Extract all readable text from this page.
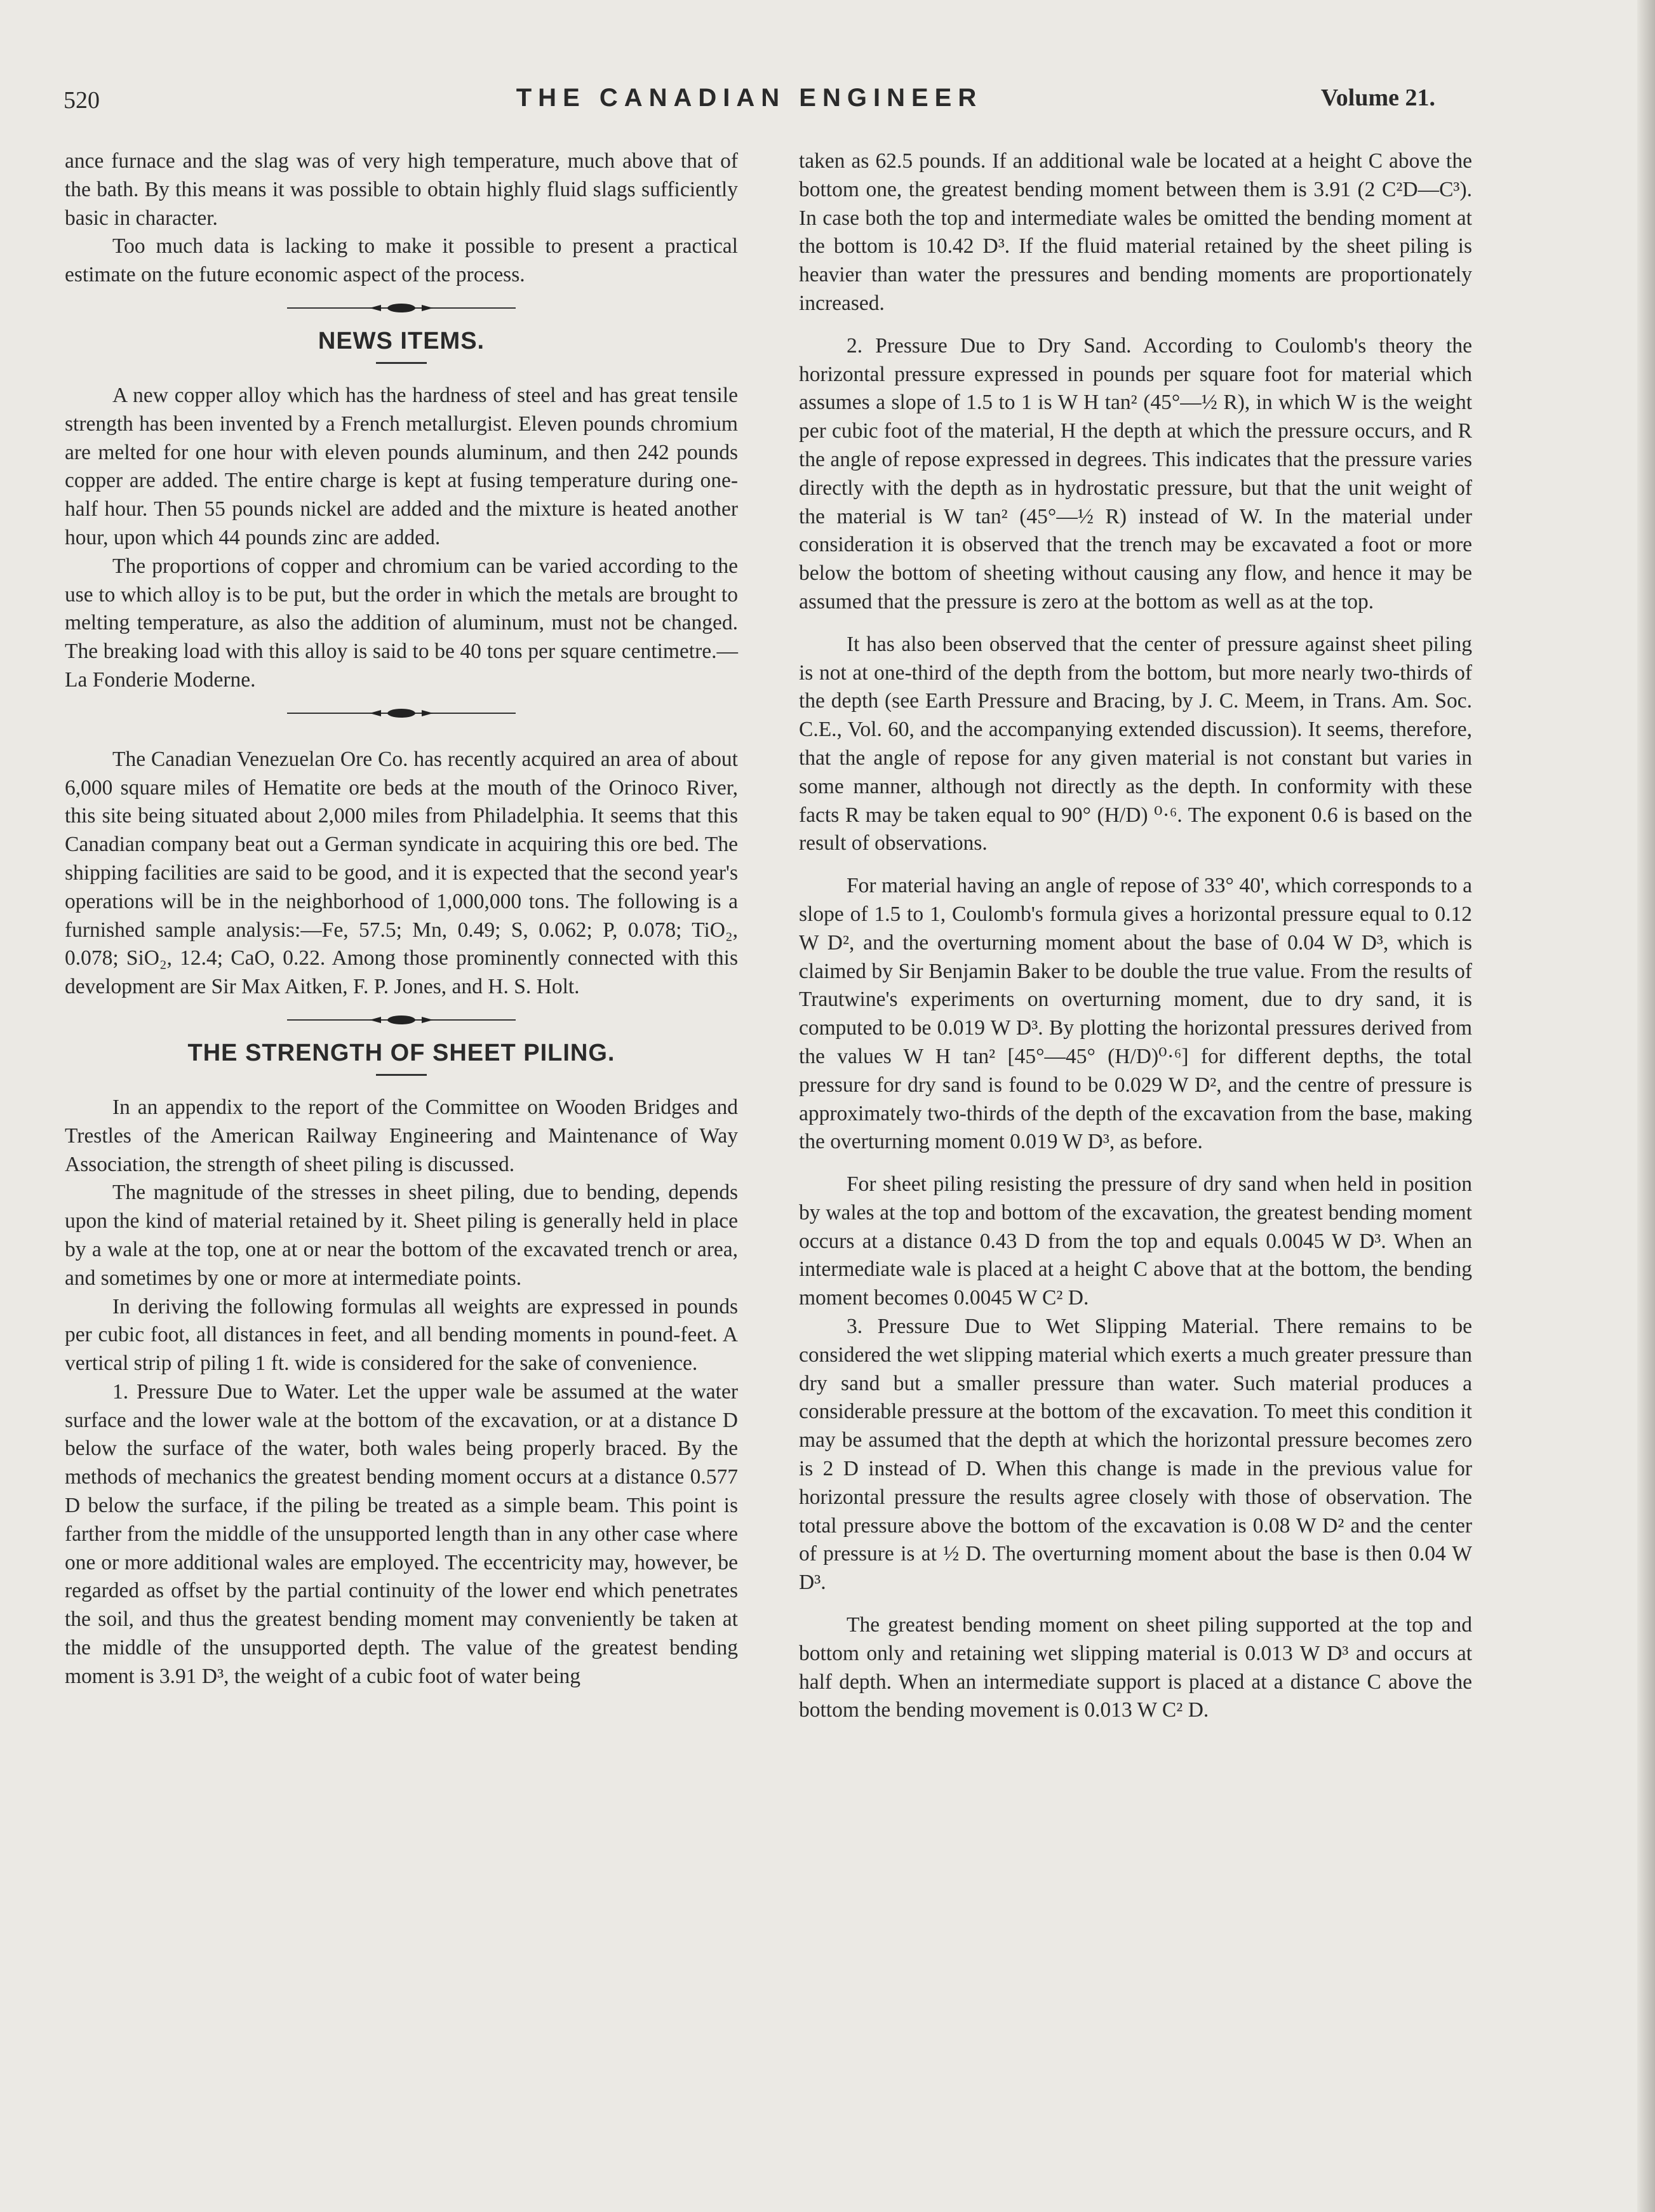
520	THE CANADIAN ENGINEER	Volume 21.

ance furnace and the slag was of very high temperature, much above that of the bath. By this means it was possible to obtain highly fluid slags sufficiently basic in character.

Too much data is lacking to make it possible to present a practical estimate on the future economic aspect of the process.

NEWS ITEMS.

A new copper alloy which has the hardness of steel and has great tensile strength has been invented by a French metallurgist. Eleven pounds chromium are melted for one hour with eleven pounds aluminum, and then 242 pounds copper are added. The entire charge is kept at fusing temperature during one-half hour. Then 55 pounds nickel are added and the mixture is heated another hour, upon which 44 pounds zinc are added.

The proportions of copper and chromium can be varied according to the use to which alloy is to be put, but the order in which the metals are brought to melting temperature, as also the addition of aluminum, must not be changed. The breaking load with this alloy is said to be 40 tons per square centimetre.—La Fonderie Moderne.

The Canadian Venezuelan Ore Co. has recently acquired an area of about 6,000 square miles of Hematite ore beds at the mouth of the Orinoco River, this site being situated about 2,000 miles from Philadelphia. It seems that this Canadian company beat out a German syndicate in acquiring this ore bed. The shipping facilities are said to be good, and it is expected that the second year's operations will be in the neighborhood of 1,000,000 tons. The following is a furnished sample analysis:—Fe, 57.5; Mn, 0.49; S, 0.062; P, 0.078; TiO₂, 0.078; SiO₂, 12.4; CaO, 0.22. Among those prominently connected with this development are Sir Max Aitken, F. P. Jones, and H. S. Holt.

THE STRENGTH OF SHEET PILING.

In an appendix to the report of the Committee on Wooden Bridges and Trestles of the American Railway Engineering and Maintenance of Way Association, the strength of sheet piling is discussed.

The magnitude of the stresses in sheet piling, due to bending, depends upon the kind of material retained by it. Sheet piling is generally held in place by a wale at the top, one at or near the bottom of the excavated trench or area, and sometimes by one or more at intermediate points.

In deriving the following formulas all weights are expressed in pounds per cubic foot, all distances in feet, and all bending moments in pound-feet. A vertical strip of piling 1 ft. wide is considered for the sake of convenience.

1. Pressure Due to Water. Let the upper wale be assumed at the water surface and the lower wale at the bottom of the excavation, or at a distance D below the surface of the water, both wales being properly braced. By the methods of mechanics the greatest bending moment occurs at a distance 0.577 D below the surface, if the piling be treated as a simple beam. This point is farther from the middle of the unsupported length than in any other case where one or more additional wales are employed. The eccentricity may, however, be regarded as offset by the partial continuity of the lower end which penetrates the soil, and thus the greatest bending moment may conveniently be taken at the middle of the unsupported depth. The value of the greatest bending moment is 3.91 D³, the weight of a cubic foot of water being

taken as 62.5 pounds. If an additional wale be located at a height C above the bottom one, the greatest bending moment between them is 3.91 (2 C²D—C³). In case both the top and intermediate wales be omitted the bending moment at the bottom is 10.42 D³. If the fluid material retained by the sheet piling is heavier than water the pressures and bending moments are proportionately increased.

2. Pressure Due to Dry Sand. According to Coulomb's theory the horizontal pressure expressed in pounds per square foot for material which assumes a slope of 1.5 to 1 is W H tan² (45°—½ R), in which W is the weight per cubic foot of the material, H the depth at which the pressure occurs, and R the angle of repose expressed in degrees. This indicates that the pressure varies directly with the depth as in hydrostatic pressure, but that the unit weight of the material is W tan² (45°—½ R) instead of W. In the material under consideration it is observed that the trench may be excavated a foot or more below the bottom of sheeting without causing any flow, and hence it may be assumed that the pressure is zero at the bottom as well as at the top.

It has also been observed that the center of pressure against sheet piling is not at one-third of the depth from the bottom, but more nearly two-thirds of the depth (see Earth Pressure and Bracing, by J. C. Meem, in Trans. Am. Soc. C.E., Vol. 60, and the accompanying extended discussion). It seems, therefore, that the angle of repose for any given material is not constant but varies in some manner, although not directly as the depth. In conformity with these facts R may be taken equal to 90° (H/D) ⁰·⁶. The exponent 0.6 is based on the result of observations.

For material having an angle of repose of 33° 40', which corresponds to a slope of 1.5 to 1, Coulomb's formula gives a horizontal pressure equal to 0.12 W D², and the overturning moment about the base of 0.04 W D³, which is claimed by Sir Benjamin Baker to be double the true value. From the results of Trautwine's experiments on overturning moment, due to dry sand, it is computed to be 0.019 W D³. By plotting the horizontal pressures derived from the values W H tan² [45°—45° (H/D)⁰·⁶] for different depths, the total pressure for dry sand is found to be 0.029 W D², and the centre of pressure is approximately two-thirds of the depth of the excavation from the base, making the overturning moment 0.019 W D³, as before.

For sheet piling resisting the pressure of dry sand when held in position by wales at the top and bottom of the excavation, the greatest bending moment occurs at a distance 0.43 D from the top and equals 0.0045 W D³. When an intermediate wale is placed at a height C above that at the bottom, the bending moment becomes 0.0045 W C² D.

3. Pressure Due to Wet Slipping Material. There remains to be considered the wet slipping material which exerts a much greater pressure than dry sand but a smaller pressure than water. Such material produces a considerable pressure at the bottom of the excavation. To meet this condition it may be assumed that the depth at which the horizontal pressure becomes zero is 2 D instead of D. When this change is made in the previous value for horizontal pressure the results agree closely with those of observation. The total pressure above the bottom of the excavation is 0.08 W D² and the center of pressure is at ½ D. The overturning moment about the base is then 0.04 W D³.

The greatest bending moment on sheet piling supported at the top and bottom only and retaining wet slipping material is 0.013 W D³ and occurs at half depth. When an intermediate support is placed at a distance C above the bottom the bending movement is 0.013 W C² D.
